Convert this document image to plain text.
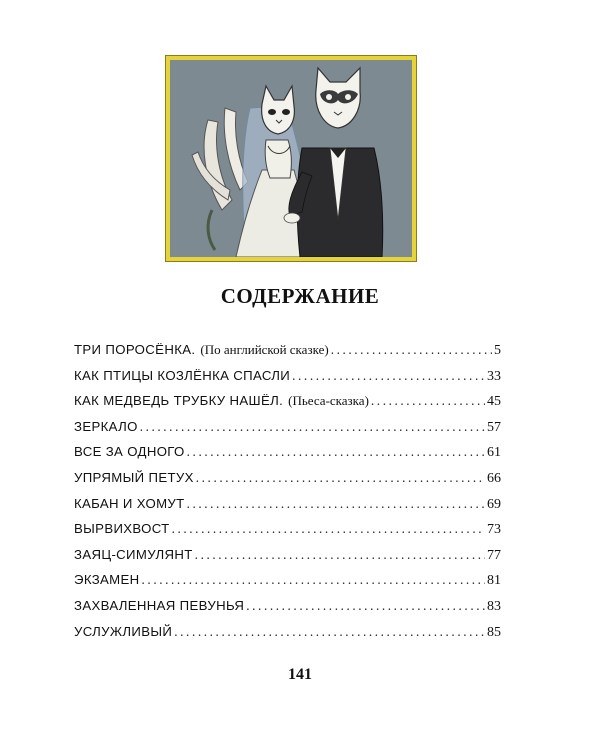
СОДЕРЖАНИЕ
ТРИ ПОРОСЁНКА. (По английской сказке) .....	5
КАК ПТИЦЫ КОЗЛЁНКА СПАСЛИ .....	33
КАК МЕДВЕДЬ ТРУБКУ НАШЁЛ. (Пьеса-сказка) .....	45
ЗЕРКАЛО .....	57
ВСЕ ЗА ОДНОГО .....	61
УПРЯМЫЙ ПЕТУХ .....	66
КАБАН И ХОМУТ .....	69
ВЫРВИХВОСТ .....	73
ЗАЯЦ-СИМУЛЯНТ .....	77
ЭКЗАМЕН .....	81
ЗАХВАЛЕННАЯ ПЕВУНЬЯ .....	83
УСЛУЖЛИВЫЙ .....	85
141
